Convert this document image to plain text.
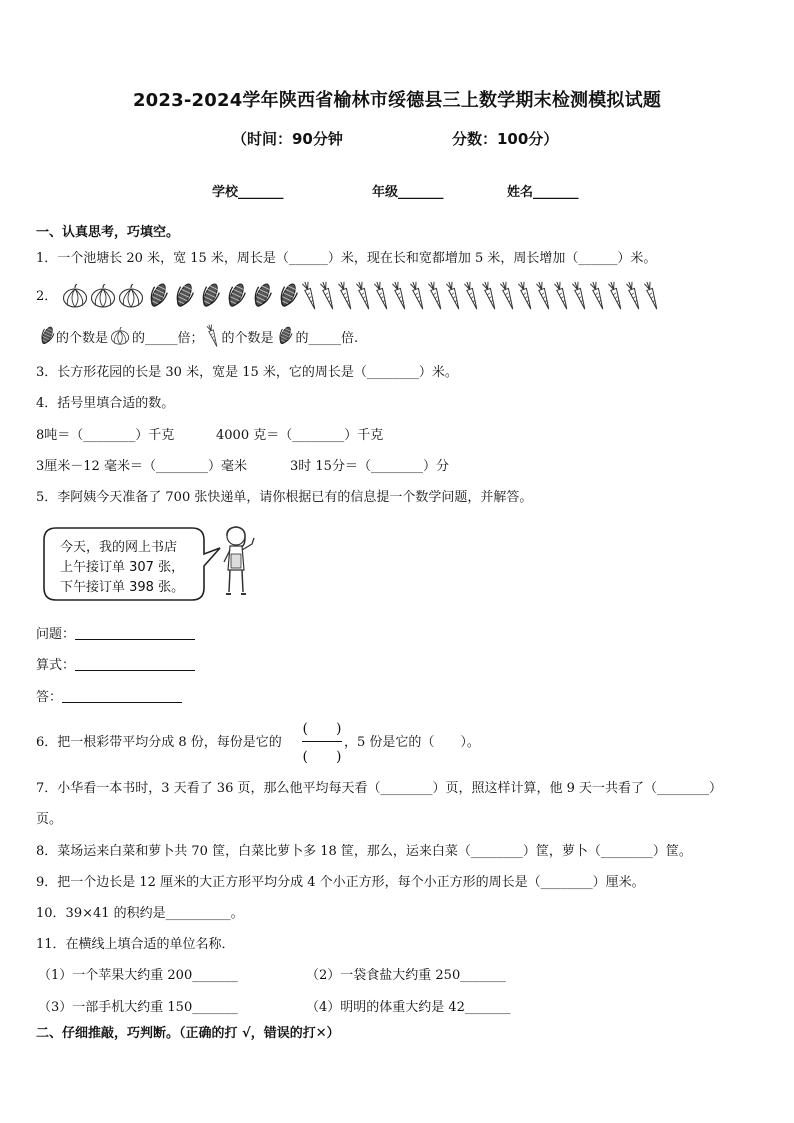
2023-2024学年陕西省榆林市绥德县三上数学期末检测模拟试题
（时间：90分钟	分数：100分）
学校_______	年级_______	姓名_______
一、认真思考，巧填空。
1．一个池塘长 20 米，宽 15 米，周长是（______）米，现在长和宽都增加 5 米，周长增加（______）米。
2．
的个数是 的_____倍； 的个数是 的_____倍.
3．长方形花园的长是 30 米，宽是 15 米，它的周长是（________）米。
4．括号里填合适的数。
8吨＝（________）千克	4000 克＝（________）千克
3厘米－12 毫米＝（________）毫米	3时 15分＝（________）分
5．李阿姨今天准备了 700 张快递单，请你根据已有的信息提一个数学问题，并解答。
今天，我的网上书店
上午接订单 307 张，
下午接订单 398 张。
问题：
算式：
答：
6．把一根彩带平均分成 8 份，每份是它的
(　　)
(　　)
，5 份是它的（　　）。
7．小华看一本书时，3 天看了 36 页，那么他平均每天看（________）页，照这样计算，他 9 天一共看了（________）
页。
8．菜场运来白菜和萝卜共 70 筐，白菜比萝卜多 18 筐，那么，运来白菜（________）筐，萝卜（________）筐。
9．把一个边长是 12 厘米的大正方形平均分成 4 个小正方形，每个小正方形的周长是（________）厘米。
10．39×41 的积约是__________。
11．在横线上填合适的单位名称．
（1）一个苹果大约重 200_______	（2）一袋食盐大约重 250_______
（3）一部手机大约重 150_______	（4）明明的体重大约是 42_______
二、仔细推敲，巧判断。（正确的打 √，错误的打✕）
